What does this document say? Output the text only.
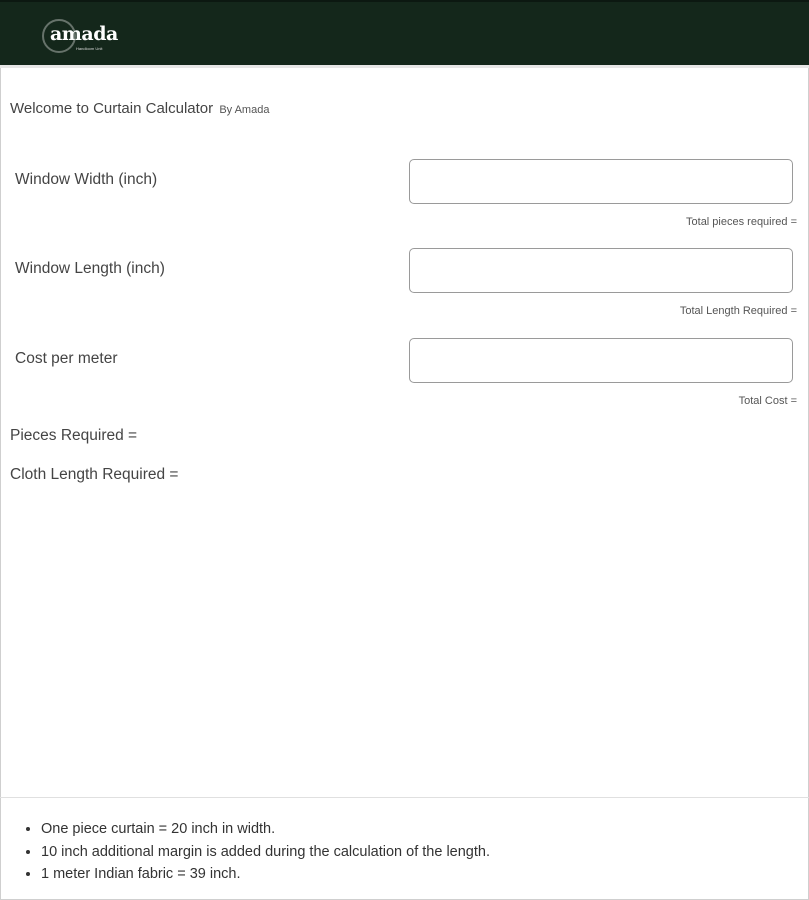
amada
Handloom Unit
Welcome to Curtain Calculator By Amada
Window Width (inch)
Total pieces required =
Window Length (inch)
Total Length Required =
Cost per meter
Total Cost =
Pieces Required =
Cloth Length Required =
• One piece curtain = 20 inch in width.
• 10 inch additional margin is added during the calculation of the length.
• 1 meter Indian fabric = 39 inch.
